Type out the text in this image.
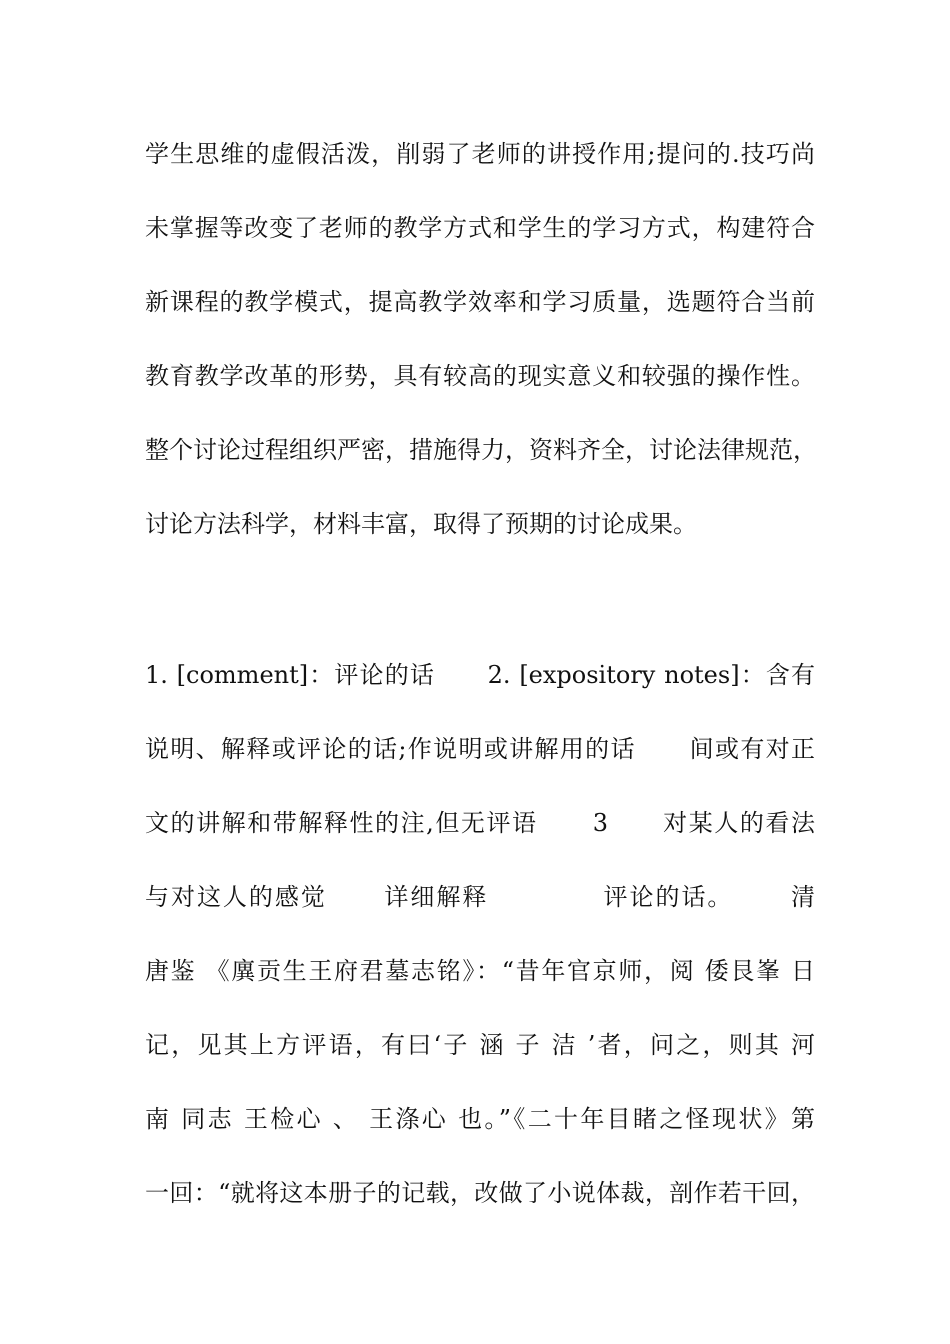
学生思维的虚假活泼，削弱了老师的讲授作用;提问的.技巧尚
未掌握等改变了老师的教学方式和学生的学习方式，构建符合
新课程的教学模式，提高教学效率和学习质量，选题符合当前
教育教学改革的形势，具有较高的现实意义和较强的操作性。
整个讨论过程组织严密，措施得力，资料齐全，讨论法律规范，
讨论方法科学，材料丰富，取得了预期的讨论成果。
1. [comment]：评论的话      2. [expository notes]：含有
说明、解释或评论的话;作说明或讲解用的话      间或有对正
文的讲解和带解释性的注,但无评语      3      对某人的看法
与对这人的感觉      详细解释            评论的话。      清
唐鉴 《廙贡生王府君墓志铭》：“昔年官京师，阅 倭艮峯 日
记，见其上方评语，有曰‘子 涵 子 洁 ’者，问之，则其 河
南 同志 王检心 、 王涤心 也。”《二十年目睹之怪现状》第
一回：“就将这本册子的记载，改做了小说体裁，剖作若干回，
